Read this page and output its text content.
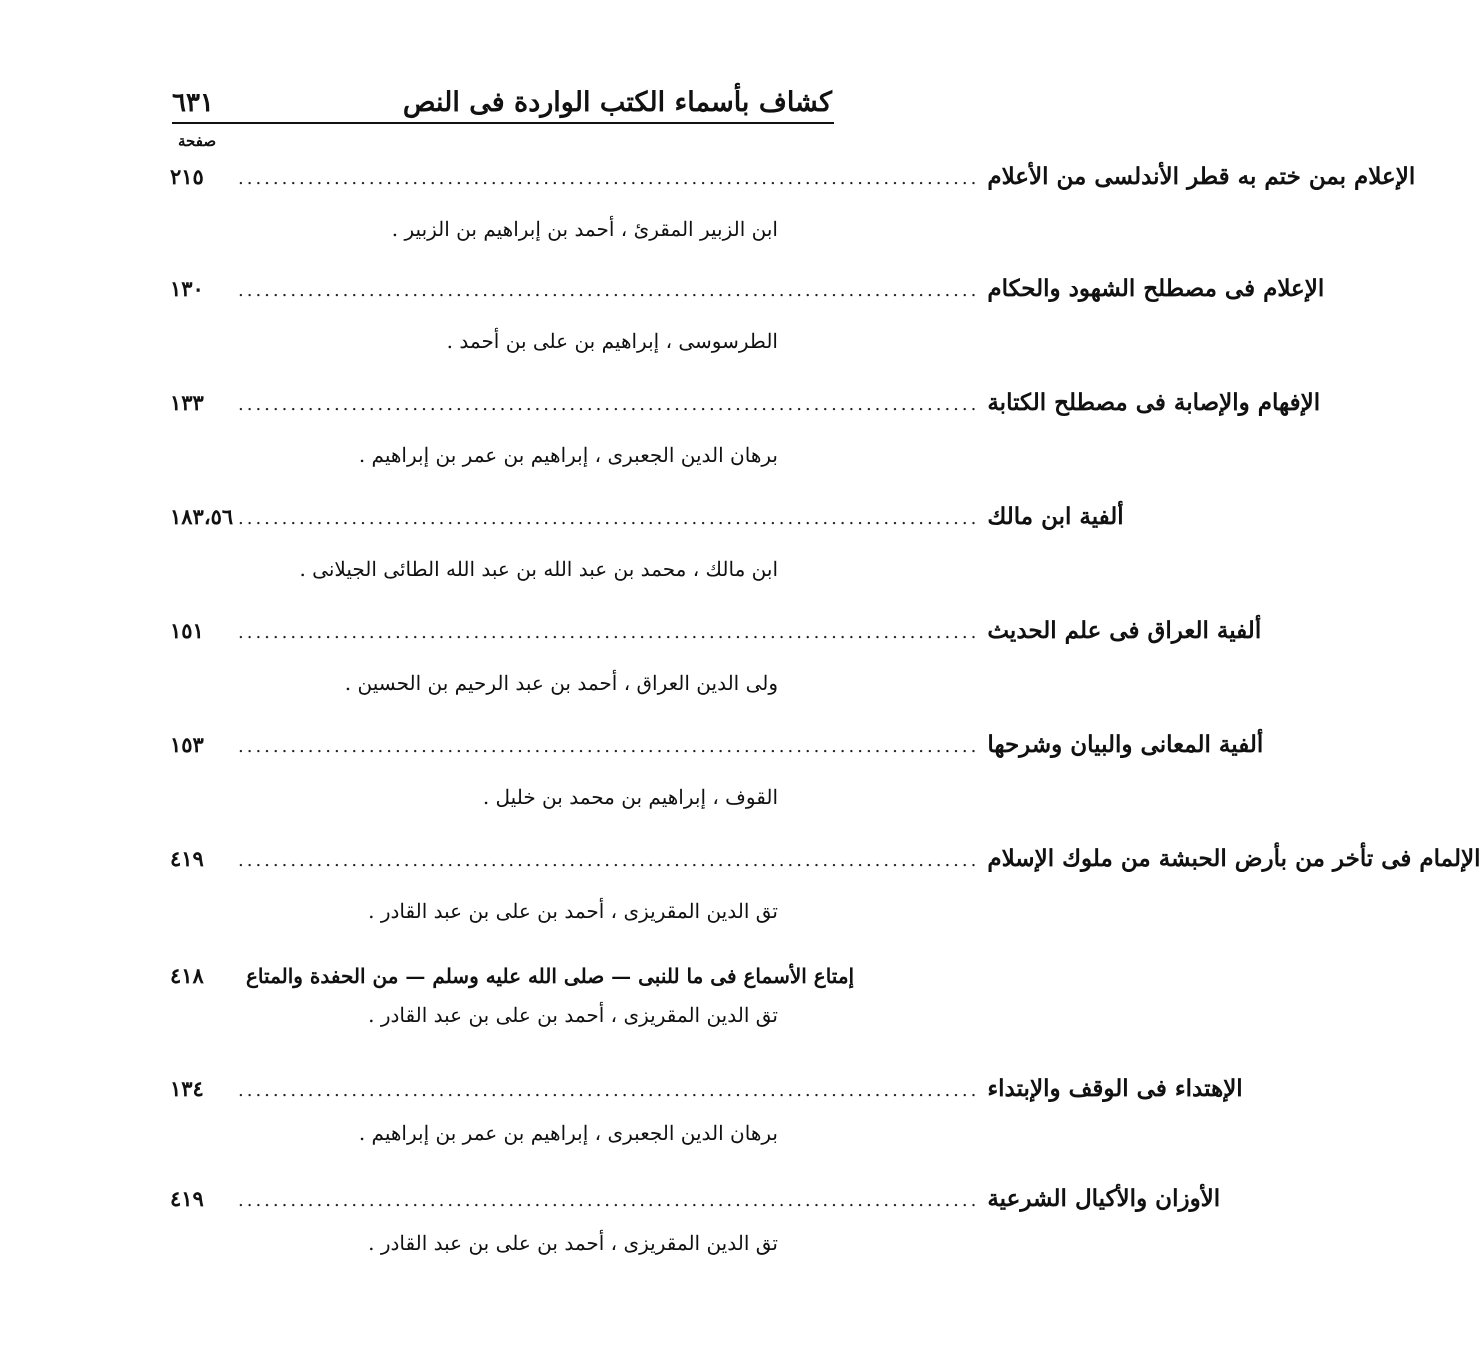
٦٣١	كشاف بأسماء الكتب الواردة فى النص
صفحة
٢١٥	..................................................................................... الإعلام بمن ختم به قطر الأندلسى من الأعلام
ابن الزبير المقرئ ، أحمد بن إبراهيم بن الزبير .
١٣٠	..................................................................................... الإعلام فى مصطلح الشهود والحكام
الطرسوسى ، إبراهيم بن على بن أحمد .
١٣٣	..................................................................................... الإفهام والإصابة فى مصطلح الكتابة
برهان الدين الجعبرى ، إبراهيم بن عمر بن إبراهيم .
١٨٣،٥٦ ..................................................................................... ألفية ابن مالك
ابن مالك ، محمد بن عبد الله بن عبد الله الطائى الجيلانى .
١٥١	..................................................................................... ألفية العراق فى علم الحديث
ولى الدين العراق ، أحمد بن عبد الرحيم بن الحسين .
١٥٣	..................................................................................... ألفية المعانى والبيان وشرحها
القوف ، إبراهيم بن محمد بن خليل .
٤١٩	..................................................................................... الإلمام فى تأخر من بأرض الحبشة من ملوك الإسلام
تق الدين المقريزى ، أحمد بن على بن عبد القادر .
٤١٨	إمتاع الأسماع فى ما للنبى — صلى الله عليه وسلم — من الحفدة والمتاع
تق الدين المقريزى ، أحمد بن على بن عبد القادر .
١٣٤	..................................................................................... الإهتداء فى الوقف والإبتداء
برهان الدين الجعبرى ، إبراهيم بن عمر بن إبراهيم .
٤١٩	..................................................................................... الأوزان والأكيال الشرعية
تق الدين المقريزى ، أحمد بن على بن عبد القادر .
